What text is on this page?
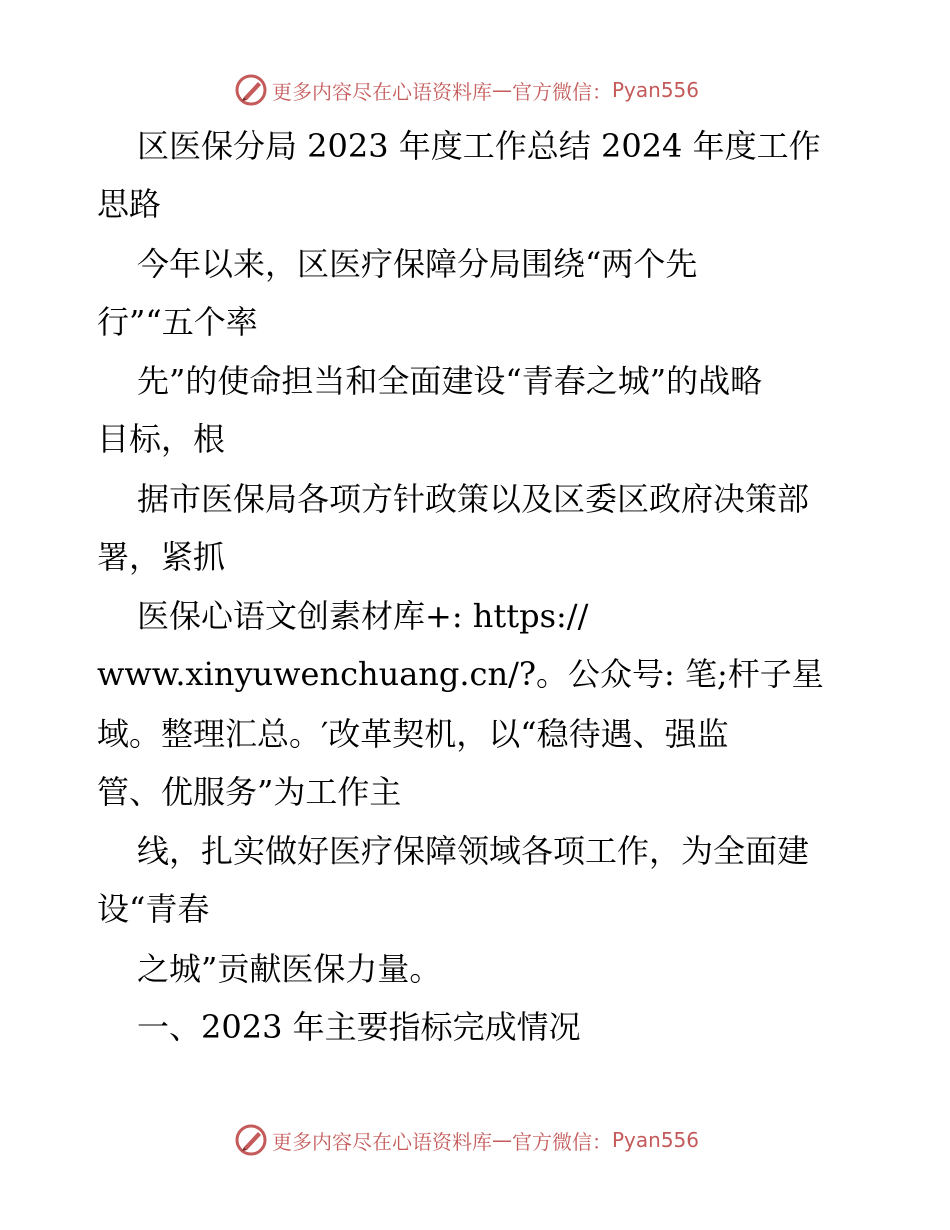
更多内容尽在心语资料库 — 官方微信： Pyan556
区医保分局 2023 年度工作总结 2024 年度工作
思路
今年以来，区医疗保障分局围绕“两个先
行”“五个率
先”的使命担当和全面建设“青春之城”的战略
目标，根
据市医保局各项方针政策以及区委区政府决策部
署，紧抓
医保心语文创素材库+: https://
www.xinyuwenchuang.cn/?。公众号: 笔;杆子星
域。整理汇总。′改革契机，以“稳待遇、强监
管、优服务”为工作主
线，扎实做好医疗保障领域各项工作，为全面建
设“青春
之城”贡献医保力量。
一、2023 年主要指标完成情况
更多内容尽在心语资料库 — 官方微信： Pyan556
